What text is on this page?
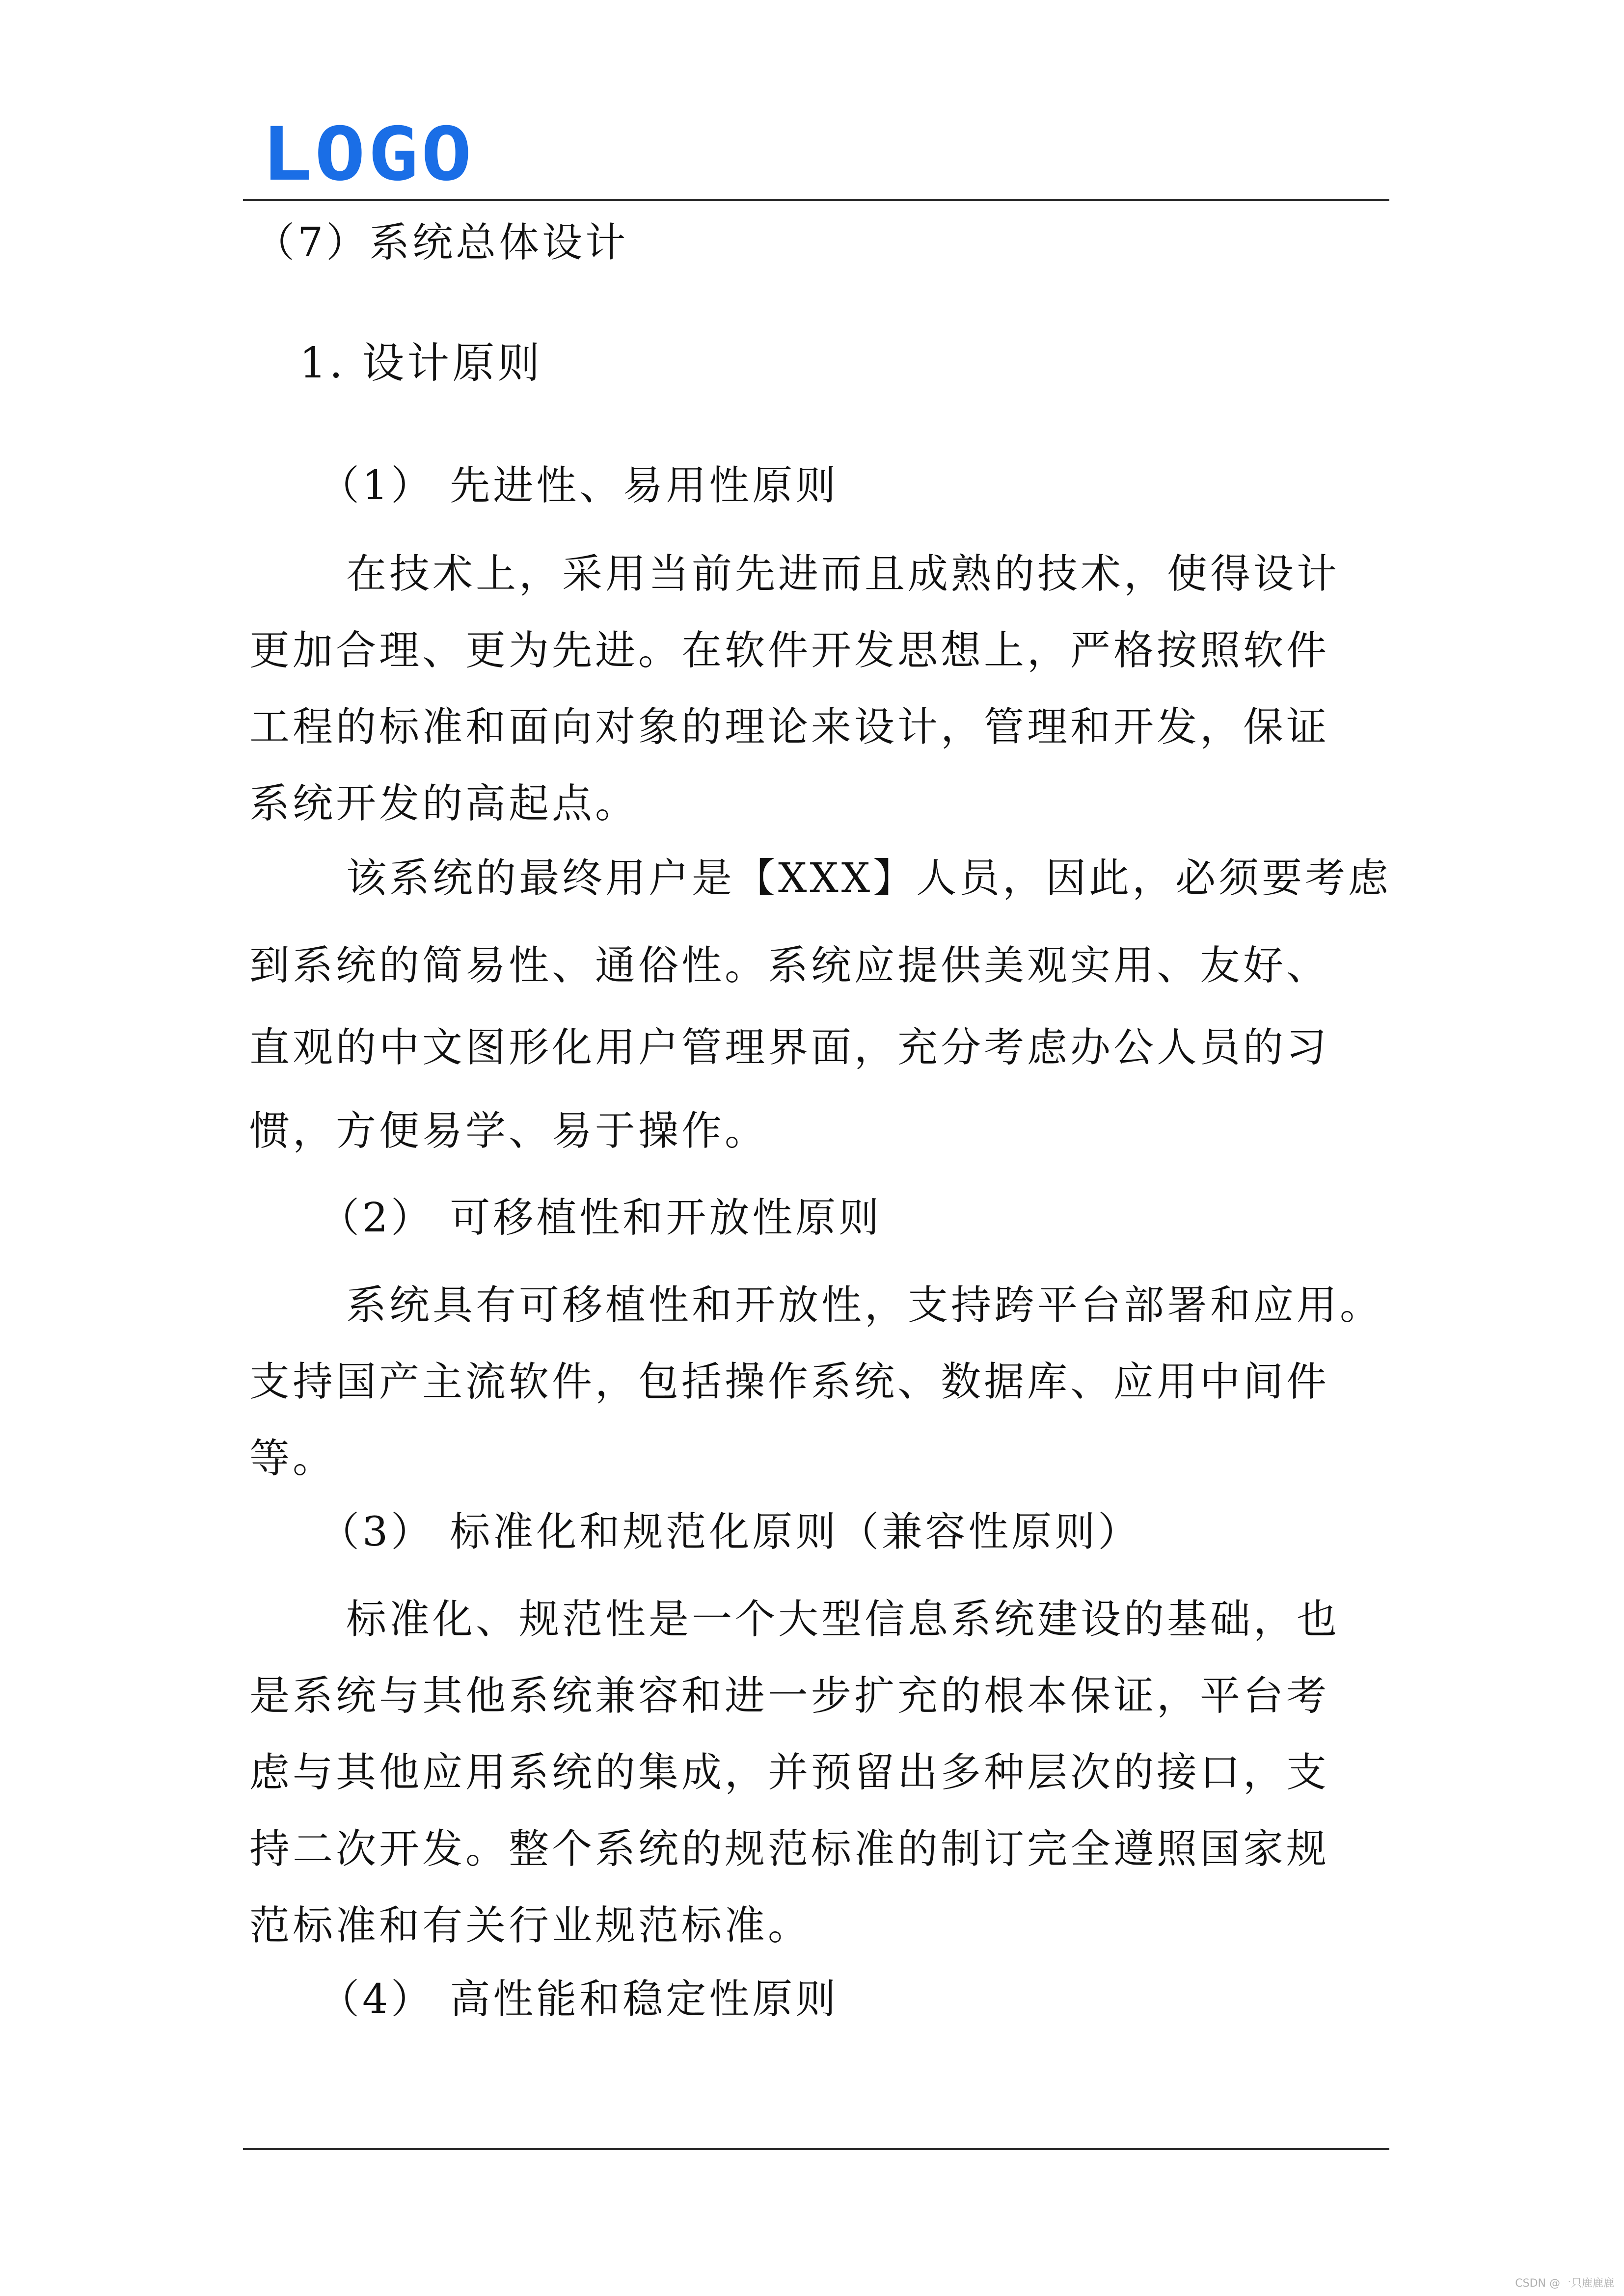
LOGO
（7）系统总体设计
1. 设计原则
（1） 先进性、易用性原则
在技术上，采用当前先进而且成熟的技术，使得设计
更加合理、更为先进。在软件开发思想上，严格按照软件
工程的标准和面向对象的理论来设计，管理和开发，保证
系统开发的高起点。
该系统的最终用户是【XXX】人员，因此，必须要考虑
到系统的简易性、通俗性。系统应提供美观实用、友好、
直观的中文图形化用户管理界面，充分考虑办公人员的习
惯，方便易学、易于操作。
（2） 可移植性和开放性原则
系统具有可移植性和开放性，支持跨平台部署和应用。
支持国产主流软件，包括操作系统、数据库、应用中间件
等。
（3） 标准化和规范化原则（兼容性原则）
标准化、规范性是一个大型信息系统建设的基础，也
是系统与其他系统兼容和进一步扩充的根本保证，平台考
虑与其他应用系统的集成，并预留出多种层次的接口，支
持二次开发。整个系统的规范标准的制订完全遵照国家规
范标准和有关行业规范标准。
（4） 高性能和稳定性原则
CSDN @一只鹿鹿鹿
